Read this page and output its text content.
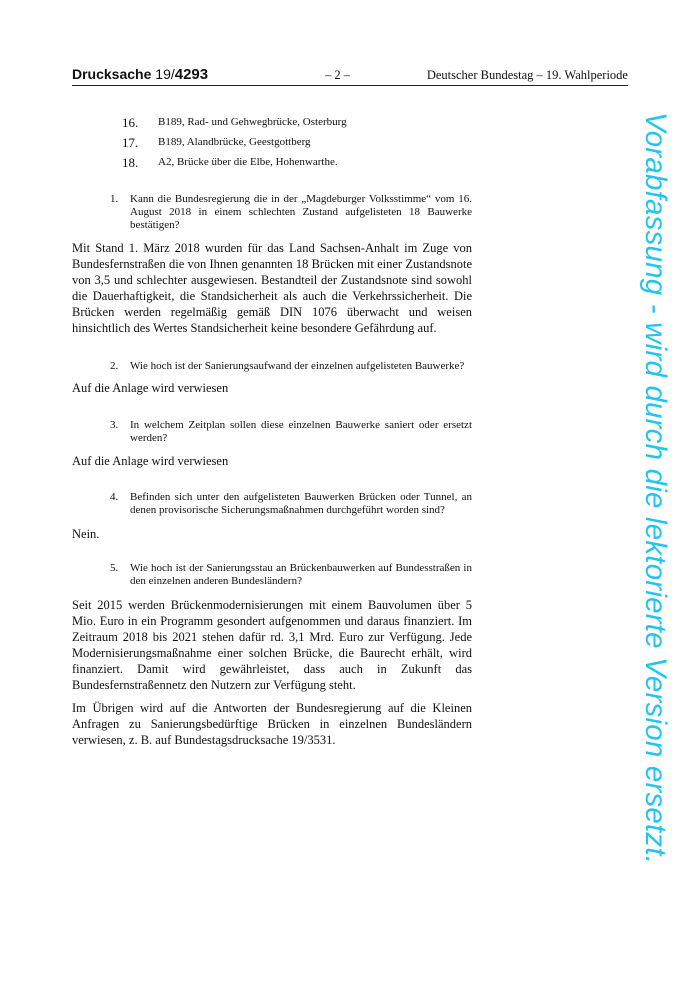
Drucksache 19/4293	– 2 –	Deutscher Bundestag – 19. Wahlperiode
16. B189, Rad- und Gehwegbrücke, Osterburg
17. B189, Alandbrücke, Geestgottberg
18. A2, Brücke über die Elbe, Hohenwarthe.
1. Kann die Bundesregierung die in der „Magdeburger Volksstimme“ vom 16. August 2018 in einem schlechten Zustand aufgelisteten 18 Bauwerke bestätigen?

Mit Stand 1. März 2018 wurden für das Land Sachsen-Anhalt im Zuge von Bundesfernstraßen die von Ihnen genannten 18 Brücken mit einer Zustandsnote von 3,5 und schlechter ausgewiesen. Bestandteil der Zustandsnote sind sowohl die Dauerhaftigkeit, die Standsicherheit als auch die Verkehrssicherheit. Die Brücken werden regelmäßig gemäß DIN 1076 überwacht und weisen hinsichtlich des Wertes Standsicherheit keine besondere Gefährdung auf.

2. Wie hoch ist der Sanierungsaufwand der einzelnen aufgelisteten Bauwerke?

Auf die Anlage wird verwiesen

3. In welchem Zeitplan sollen diese einzelnen Bauwerke saniert oder ersetzt werden?

Auf die Anlage wird verwiesen

4. Befinden sich unter den aufgelisteten Bauwerken Brücken oder Tunnel, an denen provisorische Sicherungsmaßnahmen durchgeführt worden sind?

Nein.

5. Wie hoch ist der Sanierungsstau an Brückenbauwerken auf Bundesstraßen in den einzelnen anderen Bundesländern?

Seit 2015 werden Brückenmodernisierungen mit einem Bauvolumen über 5 Mio. Euro in ein Programm gesondert aufgenommen und daraus finanziert. Im Zeitraum 2018 bis 2021 stehen dafür rd. 3,1 Mrd. Euro zur Verfügung. Jede Modernisierungsmaßnahme einer solchen Brücke, die Baurecht erhält, wird finanziert. Damit wird gewährleistet, dass auch in Zukunft das Bundesfernstraßennetz den Nutzern zur Verfügung steht.

Im Übrigen wird auf die Antworten der Bundesregierung auf die Kleinen Anfragen zu Sanierungsbedürftige Brücken in einzelnen Bundesländern verwiesen, z. B. auf Bundestagsdrucksache 19/3531.	Vorabfassung - wird durch die lektorierte Version ersetzt.
